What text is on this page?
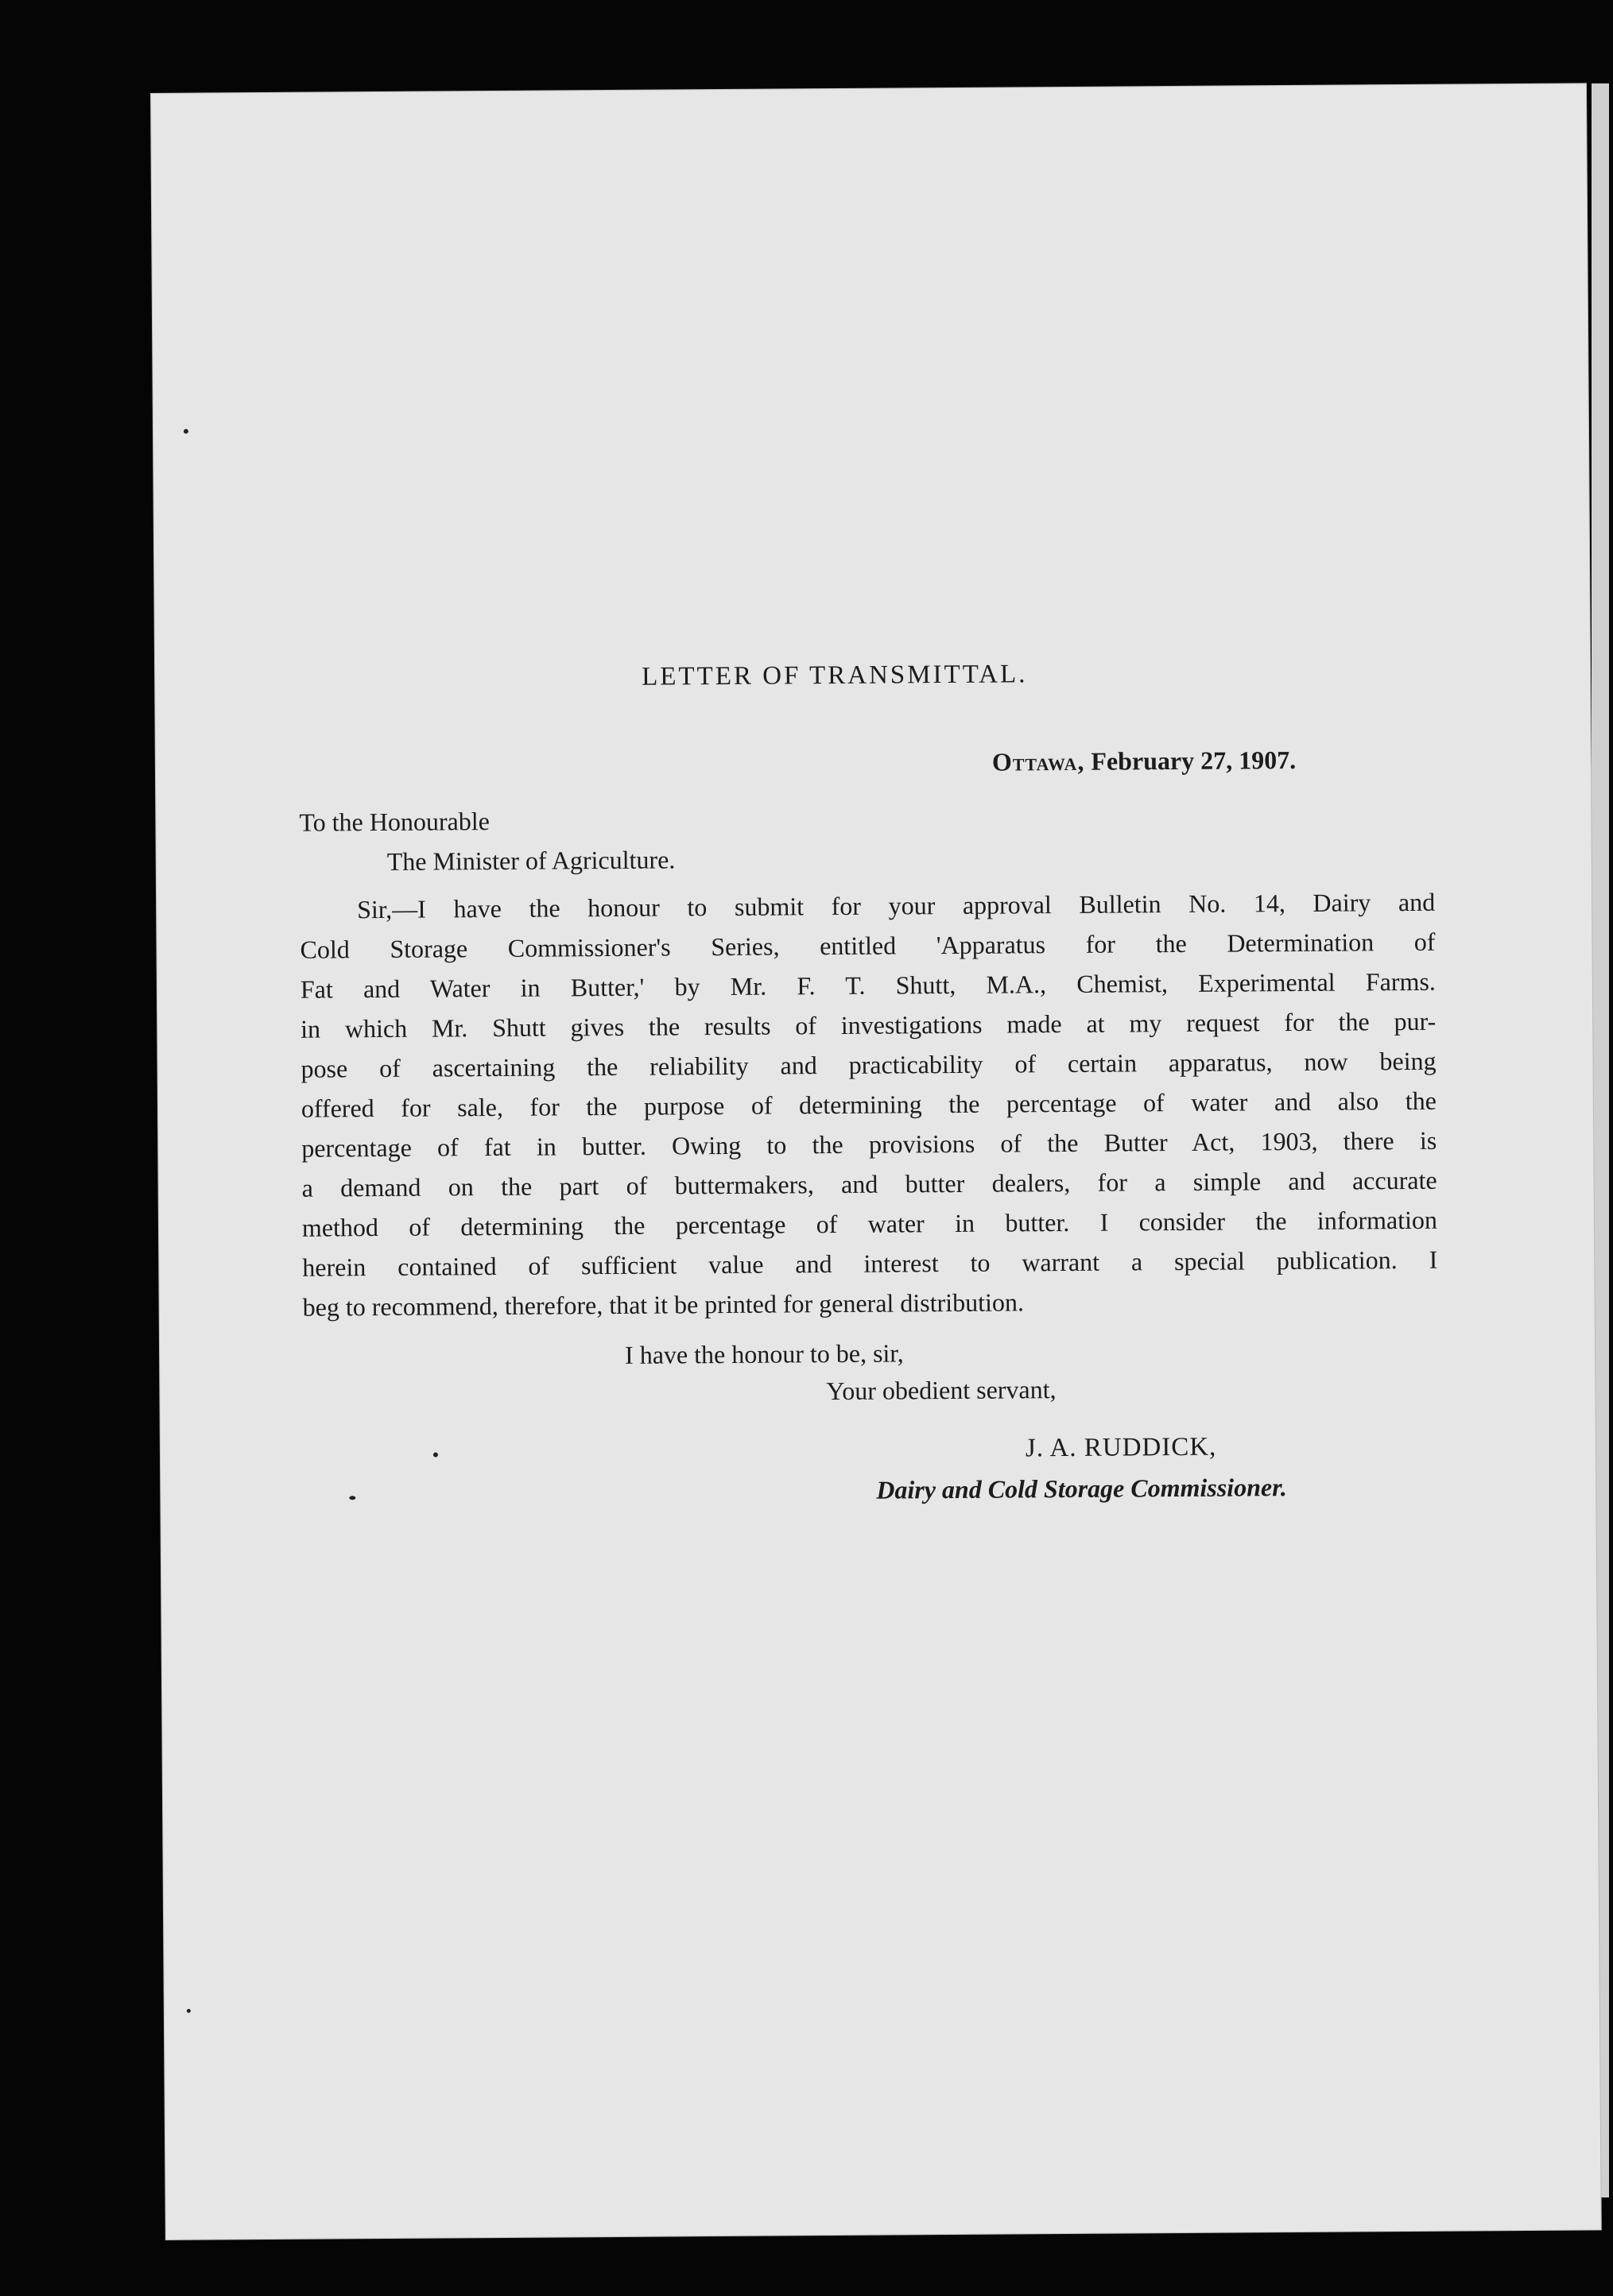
LETTER OF TRANSMITTAL.
Ottawa, February 27, 1907.
To the Honourable
The Minister of Agriculture.
Sir,—I have the honour to submit for your approval Bulletin No. 14, Dairy and
Cold Storage Commissioner's Series, entitled 'Apparatus for the Determination of
Fat and Water in Butter,' by Mr. F. T. Shutt, M.A., Chemist, Experimental Farms.
in which Mr. Shutt gives the results of investigations made at my request for the pur-
pose of ascertaining the reliability and practicability of certain apparatus, now being
offered for sale, for the purpose of determining the percentage of water and also the
percentage of fat in butter. Owing to the provisions of the Butter Act, 1903, there is
a demand on the part of buttermakers, and butter dealers, for a simple and accurate
method of determining the percentage of water in butter. I consider the information
herein contained of sufficient value and interest to warrant a special publication. I
beg to recommend, therefore, that it be printed for general distribution.
I have the honour to be, sir,
Your obedient servant,
J. A. RUDDICK,
Dairy and Cold Storage Commissioner.
